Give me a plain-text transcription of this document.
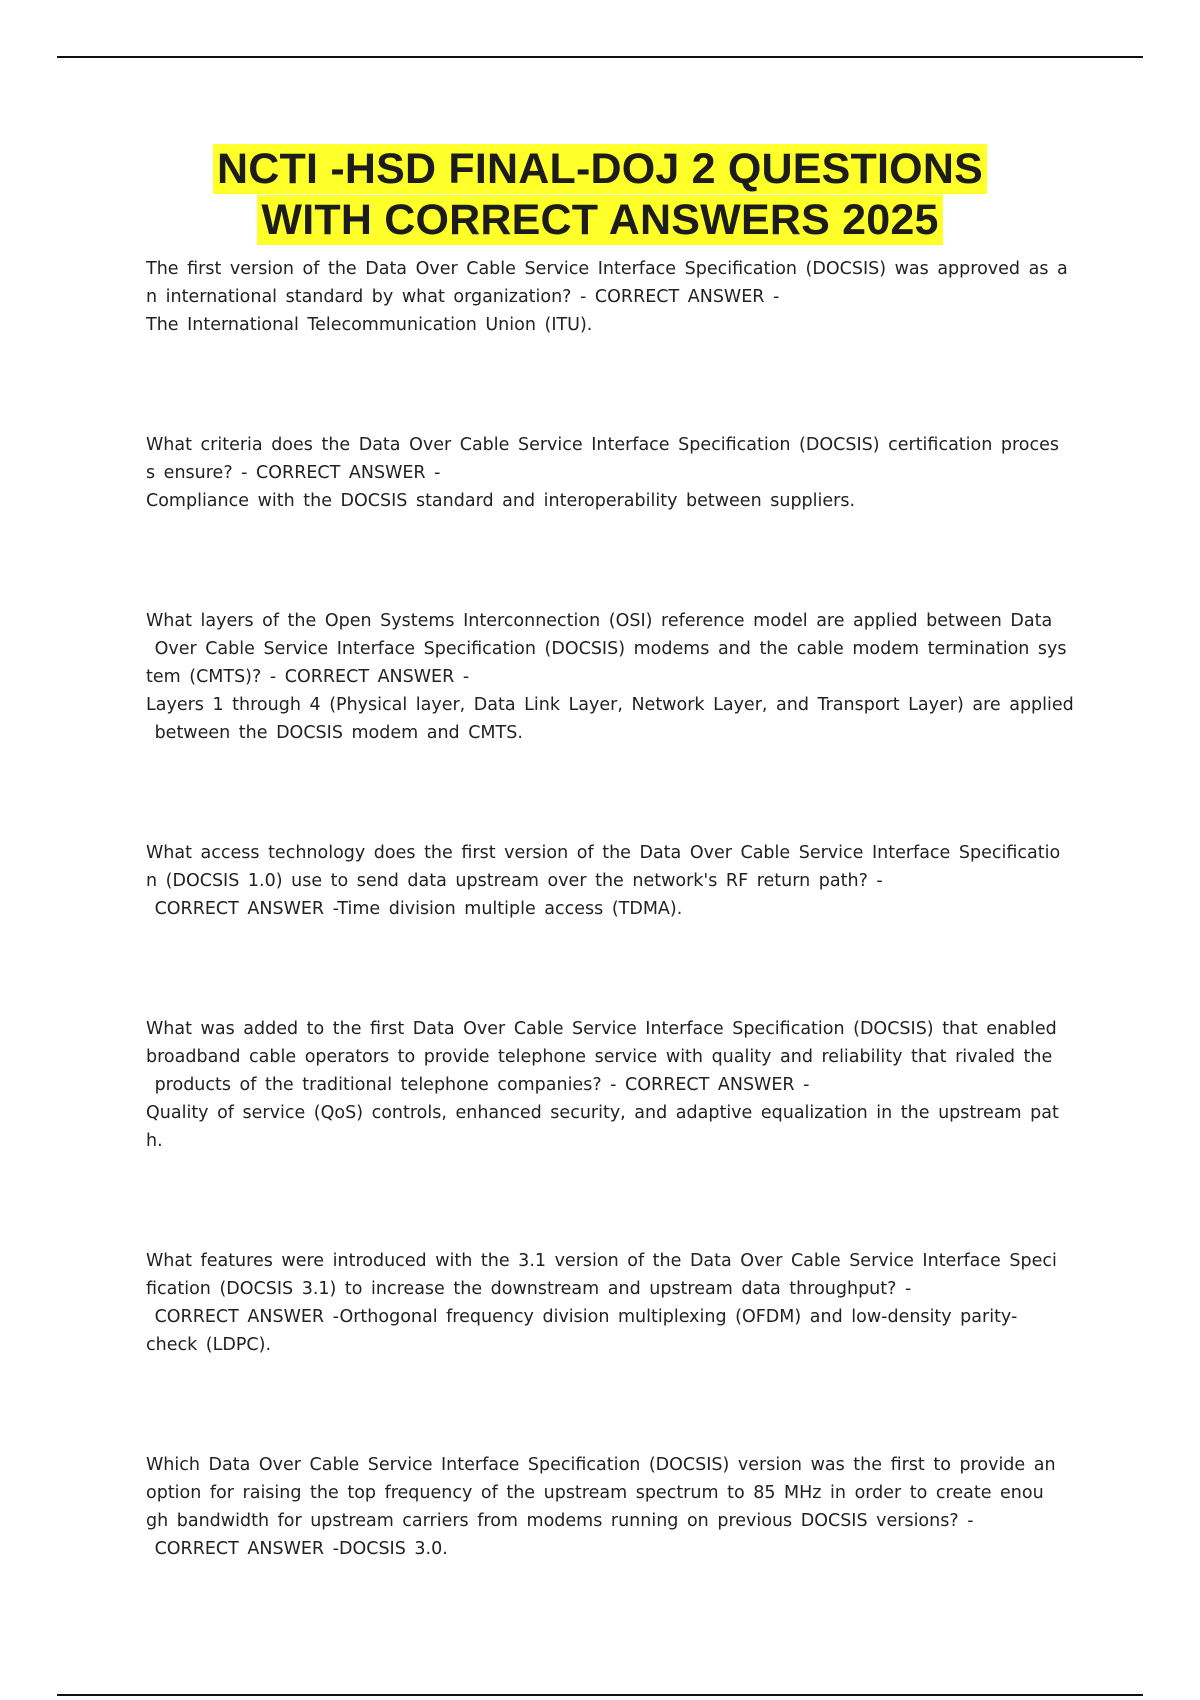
NCTI -HSD FINAL-DOJ 2 QUESTIONS
WITH CORRECT ANSWERS 2025
The first version of the Data Over Cable Service Interface Specification (DOCSIS) was approved as a
n international standard by what organization? - CORRECT ANSWER -
The International Telecommunication Union (ITU).
What criteria does the Data Over Cable Service Interface Specification (DOCSIS) certification proces
s ensure? - CORRECT ANSWER -
Compliance with the DOCSIS standard and interoperability between suppliers.
What layers of the Open Systems Interconnection (OSI) reference model are applied between Data
Over Cable Service Interface Specification (DOCSIS) modems and the cable modem termination sys
tem (CMTS)? - CORRECT ANSWER -
Layers 1 through 4 (Physical layer, Data Link Layer, Network Layer, and Transport Layer) are applied
between the DOCSIS modem and CMTS.
What access technology does the first version of the Data Over Cable Service Interface Specificatio
n (DOCSIS 1.0) use to send data upstream over the network's RF return path? -
CORRECT ANSWER -Time division multiple access (TDMA).
What was added to the first Data Over Cable Service Interface Specification (DOCSIS) that enabled
broadband cable operators to provide telephone service with quality and reliability that rivaled the
products of the traditional telephone companies? - CORRECT ANSWER -
Quality of service (QoS) controls, enhanced security, and adaptive equalization in the upstream pat
h.
What features were introduced with the 3.1 version of the Data Over Cable Service Interface Speci
fication (DOCSIS 3.1) to increase the downstream and upstream data throughput? -
CORRECT ANSWER -Orthogonal frequency division multiplexing (OFDM) and low-density parity-
check (LDPC).
Which Data Over Cable Service Interface Specification (DOCSIS) version was the first to provide an
option for raising the top frequency of the upstream spectrum to 85 MHz in order to create enou
gh bandwidth for upstream carriers from modems running on previous DOCSIS versions? -
CORRECT ANSWER -DOCSIS 3.0.
